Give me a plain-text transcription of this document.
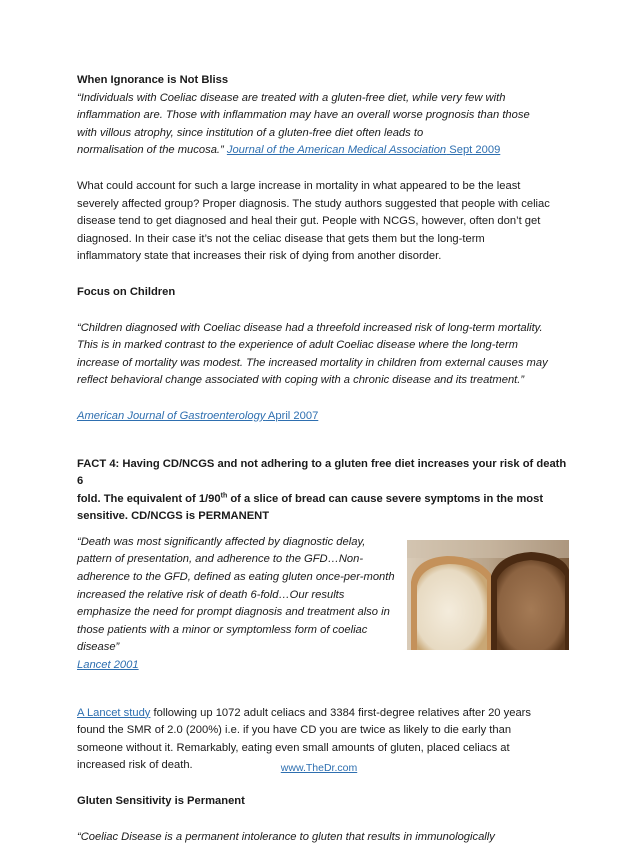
When Ignorance is Not Bliss

“Individuals with Coeliac disease are treated with a gluten-free diet, while very few with

inflammation are. Those with inflammation may have an overall worse prognosis than those

with villous atrophy, since institution of a gluten-free diet often leads to

normalisation of the mucosa.” Journal of the American Medical Association Sept 2009

What could account for such a large increase in mortality in what appeared to be the least

severely affected group? Proper diagnosis. The study authors suggested that people with celiac

disease tend to get diagnosed and heal their gut. People with NCGS, however, often don’t get

diagnosed. In their case it’s not the celiac disease that gets them but the long-term

inflammatory state that increases their risk of dying from another disorder.

Focus on Children

“Children diagnosed with Coeliac disease had a threefold increased risk of long-term mortality.

This is in marked contrast to the experience of adult Coeliac disease where the long-term

increase of mortality was modest. The increased mortality in children from external causes may

reflect behavioral change associated with coping with a chronic disease and its treatment.”

American Journal of Gastroenterology April 2007

FACT 4: Having CD/NCGS and not adhering to a gluten free diet increases your risk of death 6

fold. The equivalent of 1/90th of a slice of bread can cause severe symptoms in the most

sensitive. CD/NCGS is PERMANENT

“Death was most significantly affected by diagnostic delay,

pattern of presentation, and adherence to the GFD…Non-

adherence to the GFD, defined as eating gluten once-per-month

increased the relative risk of death 6-fold…Our results

emphasize the need for prompt diagnosis and treatment also in

those patients with a minor or symptomless form of coeliac

disease”

Lancet 2001

A Lancet study following up 1072 adult celiacs and 3384 first-degree relatives after 20 years

found the SMR of 2.0 (200%) i.e. if you have CD you are twice as likely to die early than

someone without it. Remarkably, eating even small amounts of gluten, placed celiacs at

increased risk of death.

Gluten Sensitivity is Permanent

“Coeliac Disease is a permanent intolerance to gluten that results in immunologically

www.TheDr.com
